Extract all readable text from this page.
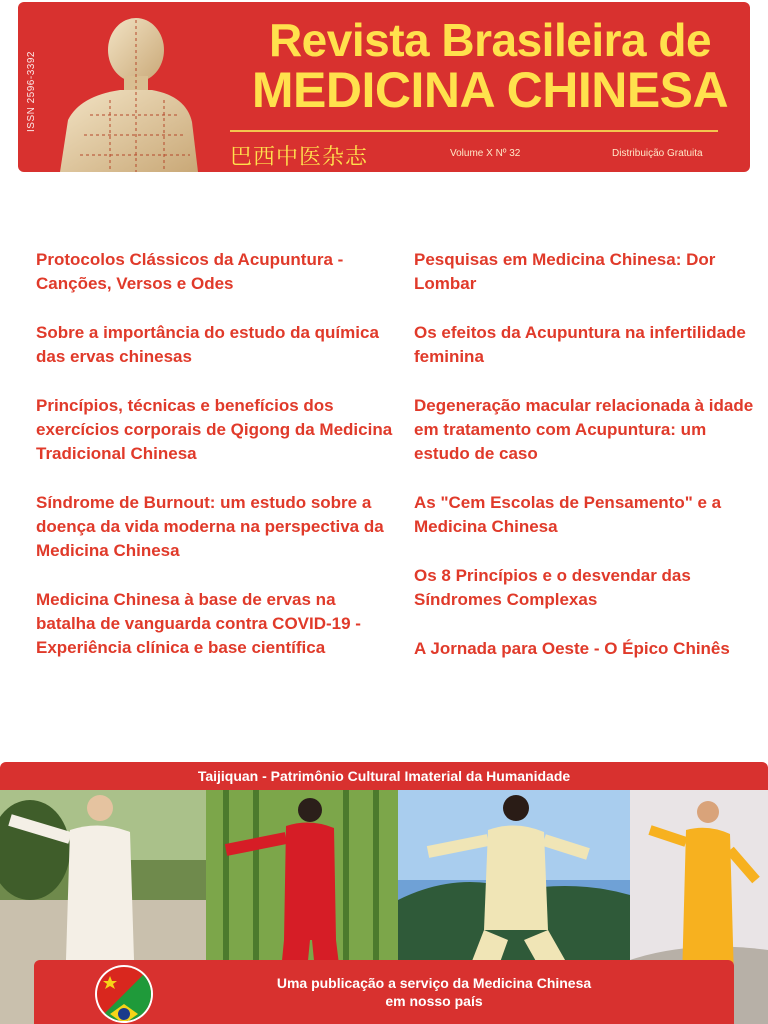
ISSN 2596-3392
Revista Brasileira de
MEDICINA CHINESA
巴西中医杂志	Volume X Nº 32	Distribuição Gratuita
Protocolos Clássicos da Acupuntura - Canções, Versos e Odes
Sobre a importância do estudo da química das ervas chinesas
Princípios, técnicas e benefícios dos exercícios corporais de Qigong da Medicina Tradicional Chinesa
Síndrome de Burnout: um estudo sobre a doença da vida moderna na perspectiva da Medicina Chinesa
Medicina Chinesa à base de ervas na batalha de vanguarda contra COVID-19 - Experiência clínica e base científica
Pesquisas em Medicina Chinesa: Dor Lombar
Os efeitos da Acupuntura na infertilidade feminina
Degeneração macular relacionada à idade em tratamento com Acupuntura: um estudo de caso
As "Cem Escolas de Pensamento" e a Medicina Chinesa
Os 8 Princípios e o desvendar das Síndromes Complexas
A Jornada para Oeste - O Épico Chinês
Taijiquan - Patrimônio Cultural Imaterial da Humanidade
Uma publicação a serviço da Medicina Chinesa
em nosso país
